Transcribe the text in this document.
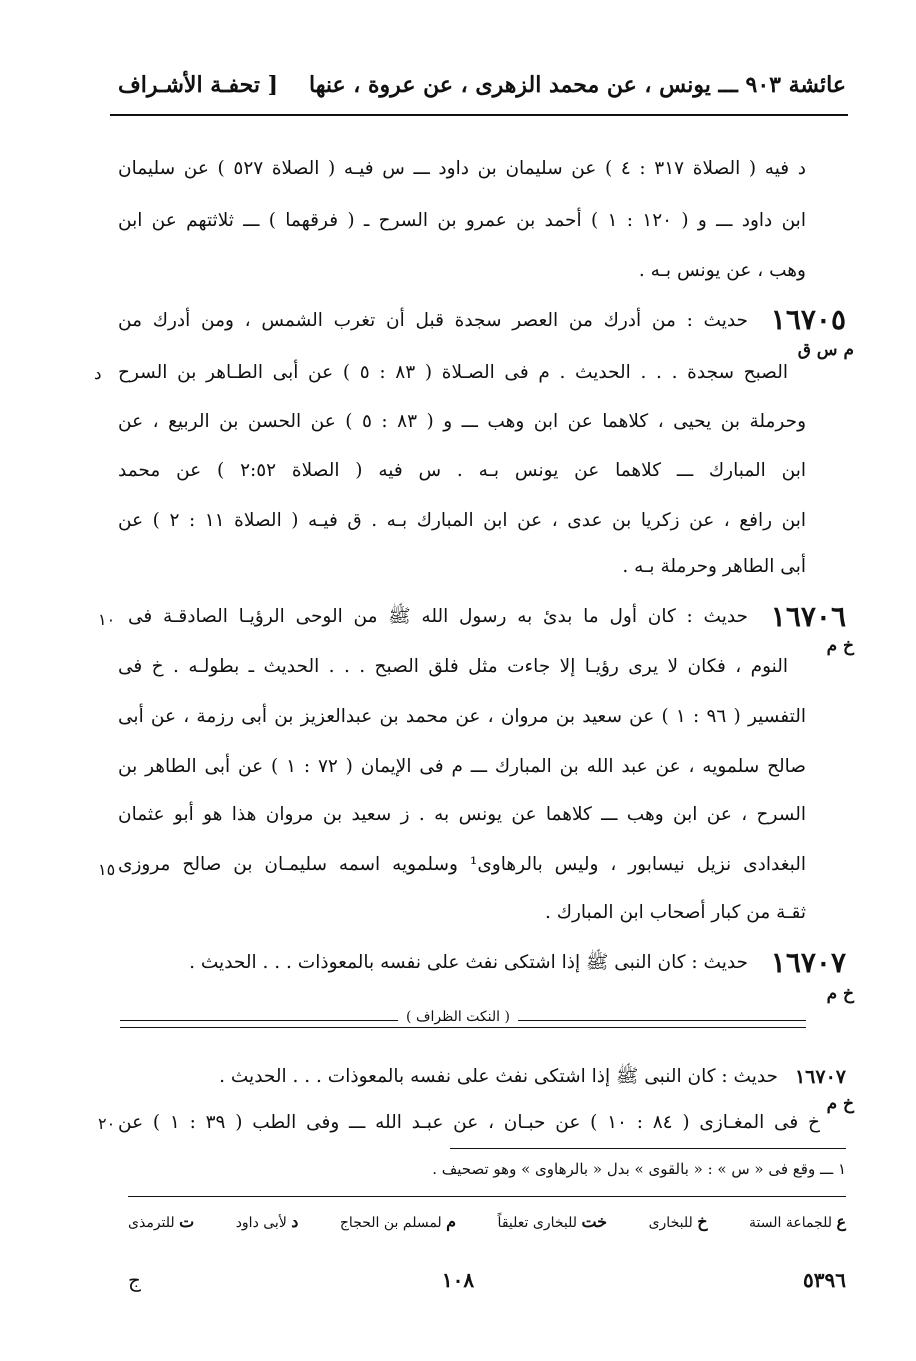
عائشة ٩٠٣ ـــ يونس ، عن محمد الزهرى ، عن عروة ، عنها
[ تحفـة الأشـراف
د فيه ( الصلاة ٣١٧ : ٤ ) عن سليمان بن داود ـــ س فيـه ( الصلاة ٥٢٧ ) عن سليمان
ابن داود ـــ و ( ١٢٠ : ١ ) أحمد بن عمرو بن السرح ـ ( فرقهما ) ـــ ثلاثتهم عن ابن
وهب ، عن يونس بـه .
١٦٧٠٥
حديث : من أدرك من العصر سجدة قبل أن تغرب الشمس ، ومن أدرك من
م س ق
الصبح سجدة . . . الحديث . م فى الصـلاة ( ٨٣ : ٥ ) عن أبى الطـاهر بن السرح
د
وحرملة بن يحيى ، كلاهما عن ابن وهب ـــ و ( ٨٣ : ٥ ) عن الحسن بن الربيع ، عن
ابن المبارك ـــ كلاهما عن يونس بـه . س فيه ( الصلاة ٢:٥٢ ) عن محمد
ابن رافع ، عن زكريا بن عدى ، عن ابن المبارك بـه . ق فيـه ( الصلاة ١١ : ٢ ) عن
أبى الطاهر وحرملة بـه .
١٦٧٠٦
حديث : كان أول ما بدئ به رسول الله ﷺ من الوحى الرؤيـا الصادقـة فى
١٠
خ م
النوم ، فكان لا يرى رؤيـا إلا جاءت مثل فلق الصبح . . . الحديث ـ بطولـه . خ فى
التفسير ( ٩٦ : ١ ) عن سعيد بن مروان ، عن محمد بن عبدالعزيز بن أبى رزمة ، عن أبى
صالح سلمويه ، عن عبد الله بن المبارك ـــ م فى الإيمان ( ٧٢ : ١ ) عن أبى الطاهر بن
السرح ، عن ابن وهب ـــ كلاهما عن يونس به . ز سعيد بن مروان هذا هو أبو عثمان
البغدادى نزيل نيسابور ، وليس بالرهاوى¹ وسلمويه اسمه سليمـان بن صالح مروزى
١٥
ثقـة من كبار أصحاب ابن المبارك .
١٦٧٠٧
حديث : كان النبى ﷺ إذا اشتكى نفث على نفسه بالمعوذات . . . الحديث .
خ م
( النكت الظراف )
١٦٧٠٧
حديث : كان النبى ﷺ إذا اشتكى نفث على نفسه بالمعوذات . . . الحديث .
خ م
خ فى المغـازى ( ٨٤ : ١٠ ) عن حبـان ، عن عبـد الله ـــ وفى الطب ( ٣٩ : ١ ) عن
٢٠
١ ـــ وقع فى « س » : « بالقوى » بدل « بالرهاوى » وهو تصحيف .
ع للجماعة الستة
خ للبخارى
خت للبخارى تعليقاً
م لمسلم بن الحجاج
د لأبى داود
ت للترمذى
٥٣٩٦
١٠٨
ج
